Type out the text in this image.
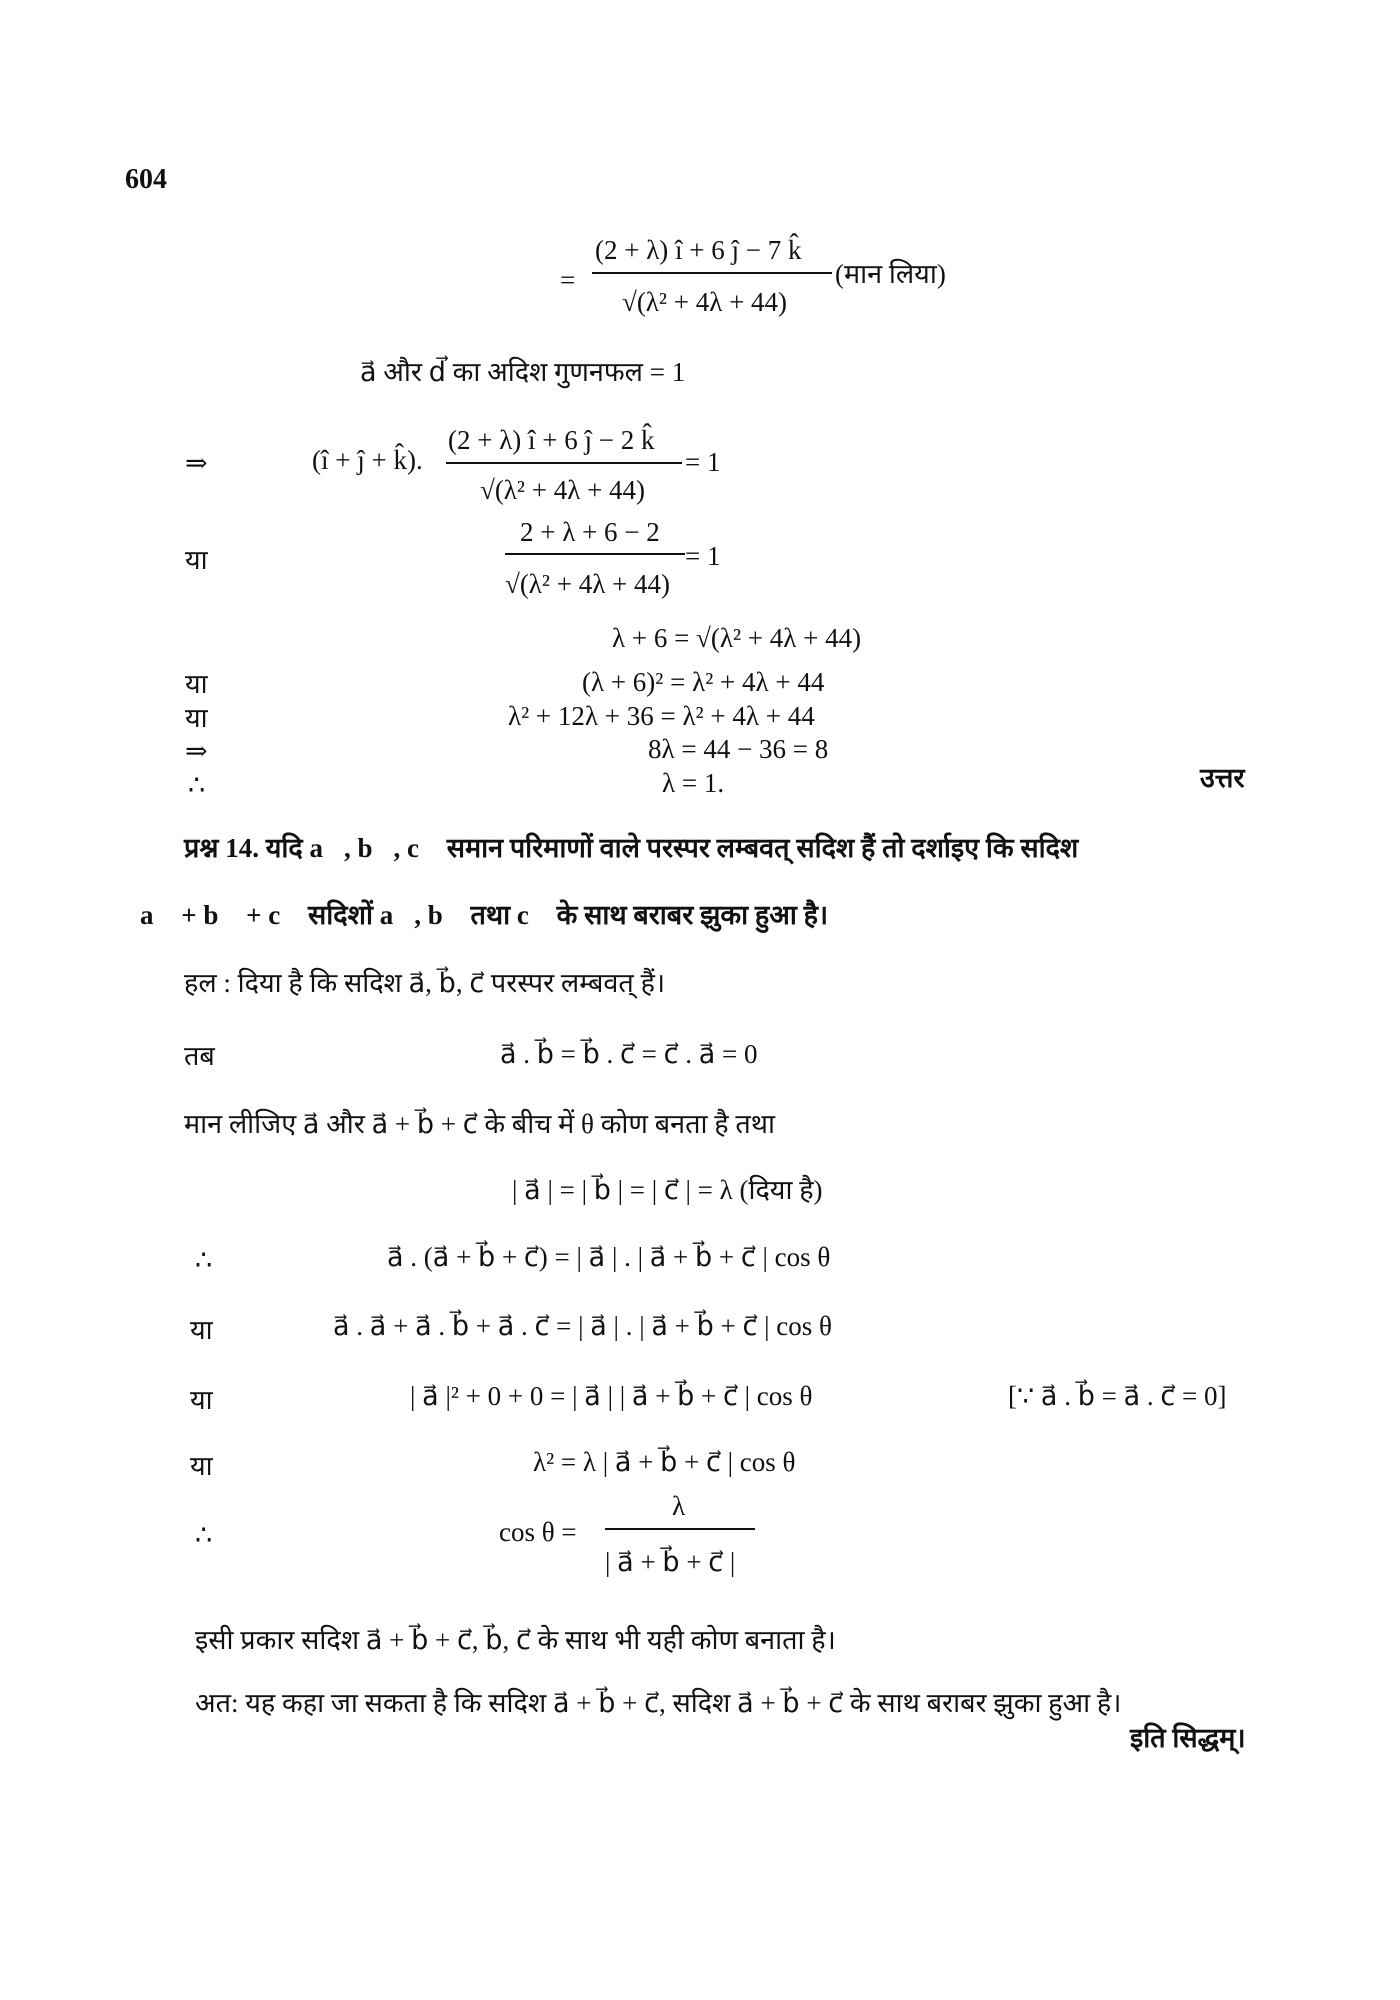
604
=
(2 + λ) î + 6 ĵ − 7 k̂
√(λ² + 4λ + 44)
(मान लिया)
a⃗ और d⃗ का अदिश गुणनफल = 1
⇒	(î + ĵ + k̂).
(2 + λ) î + 6 ĵ − 2 k̂
√(λ² + 4λ + 44)
= 1
या
2 + λ + 6 − 2
√(λ² + 4λ + 44)
= 1
λ + 6 = √(λ² + 4λ + 44)
या	(λ + 6)² = λ² + 4λ + 44
या	λ² + 12λ + 36 = λ² + 4λ + 44
⇒	8λ = 44 − 36 = 8
∴	λ = 1.	उत्तर
प्रश्न 14. यदि a⃗, b⃗, c⃗ समान परिमाणों वाले परस्पर लम्बवत् सदिश हैं तो दर्शाइए कि सदिश
a⃗ + b⃗ + c⃗ सदिशों a⃗, b⃗ तथा c⃗ के साथ बराबर झुका हुआ है।
हल : दिया है कि सदिश a⃗, b⃗, c⃗ परस्पर लम्बवत् हैं।
तब	a⃗ . b⃗ = b⃗ . c⃗ = c⃗ . a⃗ = 0
मान लीजिए a⃗ और a⃗ + b⃗ + c⃗ के बीच में θ कोण बनता है तथा
| a⃗ | = | b⃗ | = | c⃗ | = λ (दिया है)
∴	a⃗ . (a⃗ + b⃗ + c⃗) = | a⃗ | . | a⃗ + b⃗ + c⃗ | cos θ
या	a⃗ . a⃗ + a⃗ . b⃗ + a⃗ . c⃗ = | a⃗ | . | a⃗ + b⃗ + c⃗ | cos θ
या	| a⃗ |² + 0 + 0 = | a⃗ | | a⃗ + b⃗ + c⃗ | cos θ	[∵ a⃗ . b⃗ = a⃗ . c⃗ = 0]
या	λ² = λ | a⃗ + b⃗ + c⃗ | cos θ
∴	cos θ =
λ
| a⃗ + b⃗ + c⃗ |
इसी प्रकार सदिश a⃗ + b⃗ + c⃗, b⃗, c⃗ के साथ भी यही कोण बनाता है।
अत: यह कहा जा सकता है कि सदिश a⃗ + b⃗ + c⃗, सदिश a⃗ + b⃗ + c⃗ के साथ बराबर झुका हुआ है।
इति सिद्धम्।
